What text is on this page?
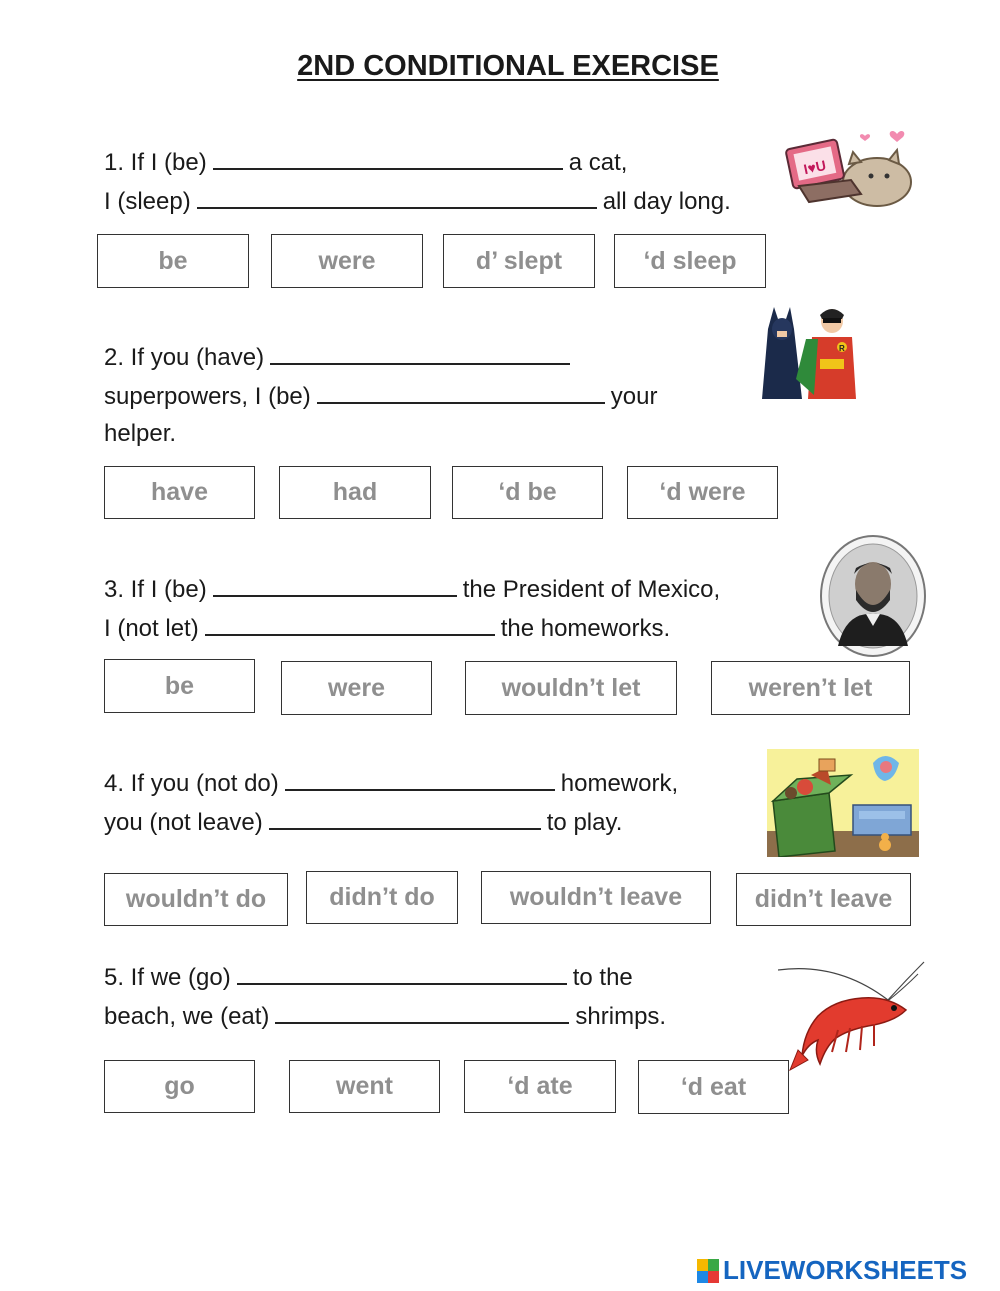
2ND CONDITIONAL EXERCISE
1. If I (be)	a cat,
I (sleep)	all day long.
be	were	d’ slept	‘d sleep
I♥U
2. If you (have)
superpowers, I (be)	your
helper.
have	had	‘d be	‘d were
R
3. If I (be)	the President of Mexico,
I (not let)	the homeworks.
be	were	wouldn’t let	weren’t let
4. If you (not do)	homework,
you (not leave)	to play.
wouldn’t do	didn’t do	wouldn’t leave	didn’t leave
5. If we (go)	to the
beach, we (eat)	shrimps.
go	went	‘d ate	‘d eat
LIVEWORKSHEETS
